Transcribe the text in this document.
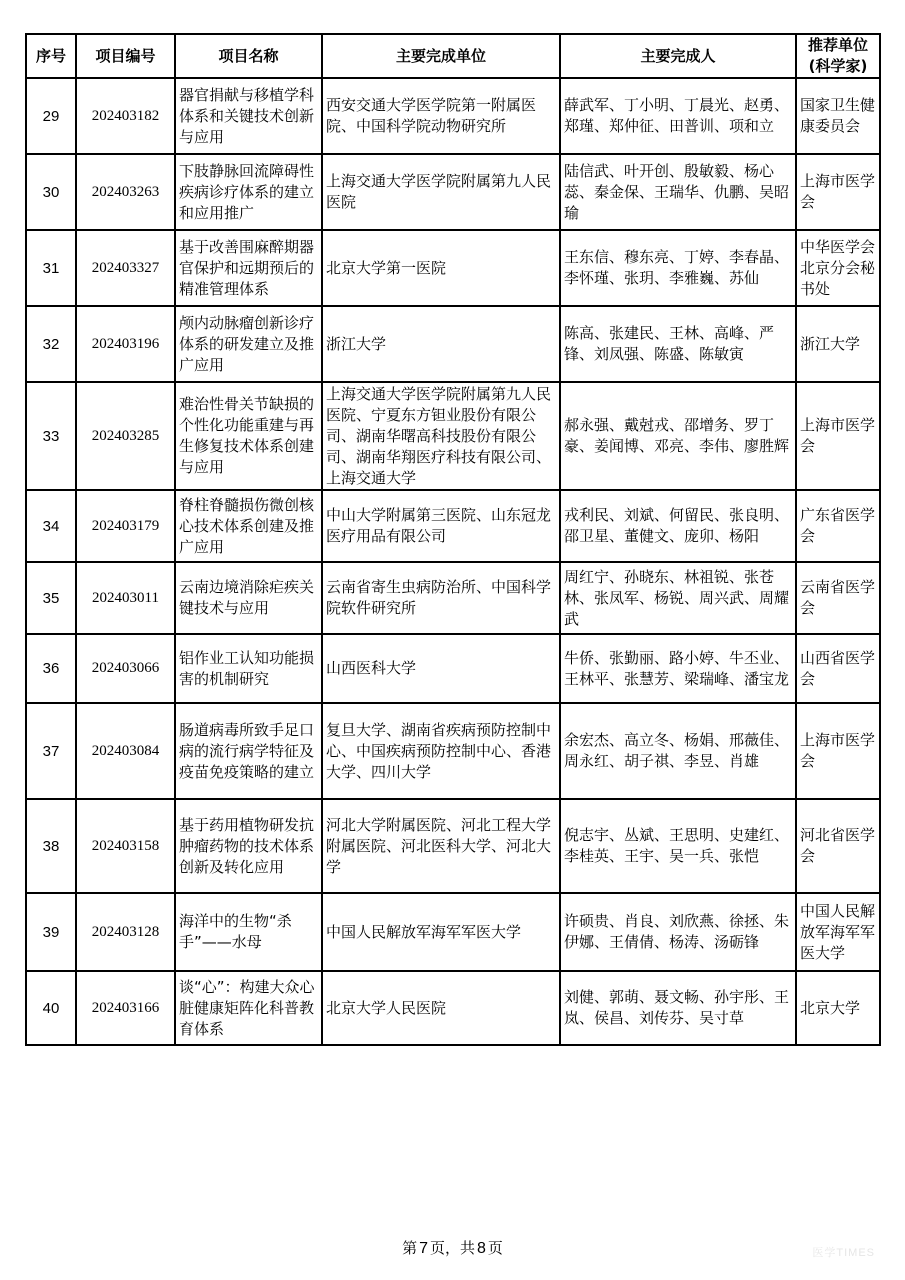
序号	项目编号	项目名称	主要完成单位	主要完成人	推荐单位
(科学家)

29	202403182	器官捐献与移植学科体系和关键技术创新与应用	西安交通大学医学院第一附属医院、中国科学院动物研究所	薛武军、丁小明、丁晨光、赵勇、郑瑾、郑仲征、田普训、项和立	国家卫生健康委员会
30	202403263	下肢静脉回流障碍性疾病诊疗体系的建立和应用推广	上海交通大学医学院附属第九人民医院	陆信武、叶开创、殷敏毅、杨心蕊、秦金保、王瑞华、仇鹏、吴昭瑜	上海市医学会
31	202403327	基于改善围麻醉期器官保护和远期预后的精准管理体系	北京大学第一医院	王东信、穆东亮、丁婷、李春晶、李怀瑾、张玥、李雅巍、苏仙	中华医学会北京分会秘书处
32	202403196	颅内动脉瘤创新诊疗体系的研发建立及推广应用	浙江大学	陈高、张建民、王林、高峰、严锋、刘凤强、陈盛、陈敏寅	浙江大学
33	202403285	难治性骨关节缺损的个性化功能重建与再生修复技术体系创建与应用	上海交通大学医学院附属第九人民医院、宁夏东方钽业股份有限公司、湖南华曙高科技股份有限公司、湖南华翔医疗科技有限公司、上海交通大学	郝永强、戴尅戎、邵增务、罗丁豪、姜闻博、邓亮、李伟、廖胜辉	上海市医学会
34	202403179	脊柱脊髓损伤微创核心技术体系创建及推广应用	中山大学附属第三医院、山东冠龙医疗用品有限公司	戎利民、刘斌、何留民、张良明、邵卫星、董健文、庞卯、杨阳	广东省医学会
35	202403011	云南边境消除疟疾关键技术与应用	云南省寄生虫病防治所、中国科学院软件研究所	周红宁、孙晓东、林祖锐、张苍林、张凤军、杨锐、周兴武、周耀武	云南省医学会
36	202403066	铝作业工认知功能损害的机制研究	山西医科大学	牛侨、张勤丽、路小婷、牛丕业、王林平、张慧芳、梁瑞峰、潘宝龙	山西省医学会
37	202403084	肠道病毒所致手足口病的流行病学特征及疫苗免疫策略的建立	复旦大学、湖南省疾病预防控制中心、中国疾病预防控制中心、香港大学、四川大学	余宏杰、高立冬、杨娟、邢薇佳、周永红、胡子祺、李昱、肖雄	上海市医学会
38	202403158	基于药用植物研发抗肿瘤药物的技术体系创新及转化应用	河北大学附属医院、河北工程大学附属医院、河北医科大学、河北大学	倪志宇、丛斌、王思明、史建红、李桂英、王宇、吴一兵、张恺	河北省医学会
39	202403128	海洋中的生物“杀手”——水母	中国人民解放军海军军医大学	许硕贵、肖良、刘欣燕、徐拯、朱伊娜、王倩倩、杨涛、汤砺锋	中国人民解放军海军军医大学
40	202403166	谈“心”：构建大众心脏健康矩阵化科普教育体系	北京大学人民医院	刘健、郭萌、聂文畅、孙宇彤、王岚、侯昌、刘传芬、吴寸草	北京大学
第 7 页，共 8 页	医学TIMES
